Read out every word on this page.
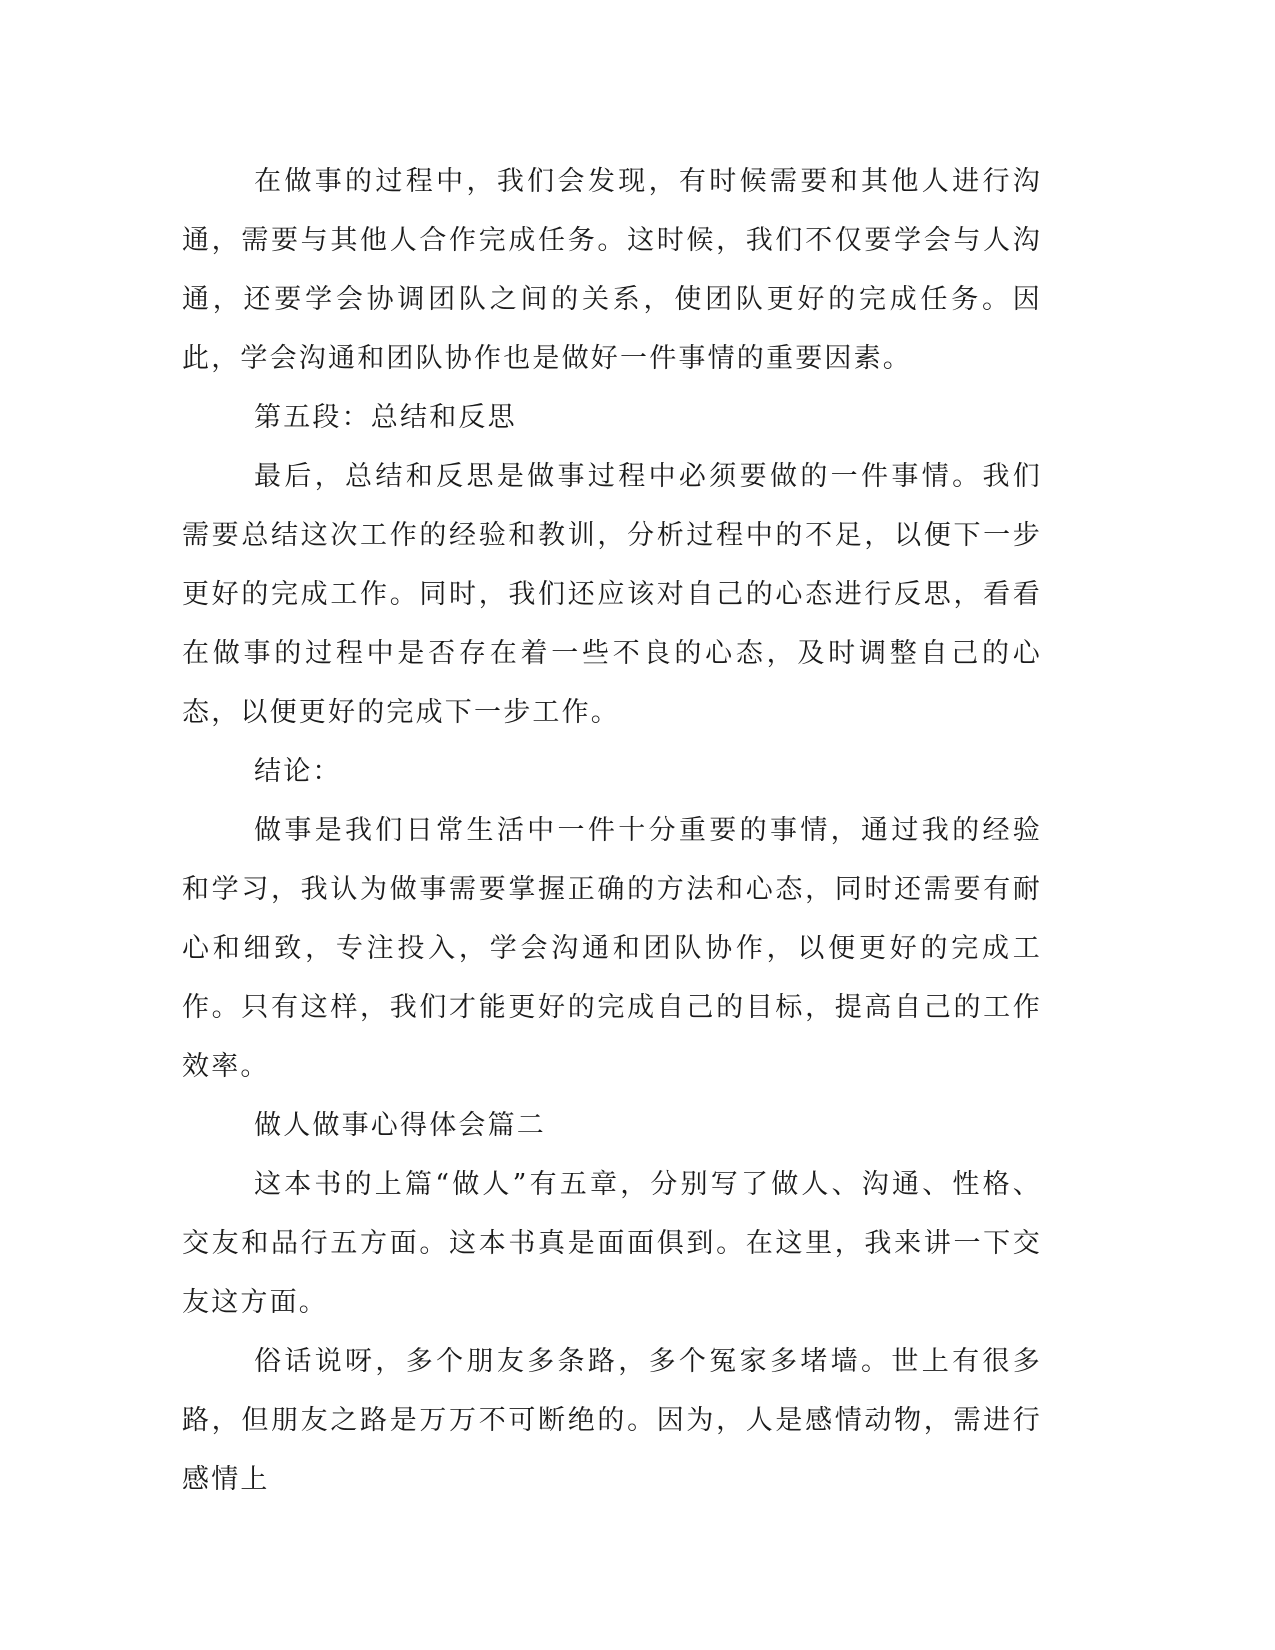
在做事的过程中，我们会发现，有时候需要和其他人进行沟通，需要与其他人合作完成任务。这时候，我们不仅要学会与人沟通，还要学会协调团队之间的关系，使团队更好的完成任务。因此，学会沟通和团队协作也是做好一件事情的重要因素。

第五段：总结和反思

最后，总结和反思是做事过程中必须要做的一件事情。我们需要总结这次工作的经验和教训，分析过程中的不足，以便下一步更好的完成工作。同时，我们还应该对自己的心态进行反思，看看在做事的过程中是否存在着一些不良的心态，及时调整自己的心态，以便更好的完成下一步工作。

结论：

做事是我们日常生活中一件十分重要的事情，通过我的经验和学习，我认为做事需要掌握正确的方法和心态，同时还需要有耐心和细致，专注投入，学会沟通和团队协作，以便更好的完成工作。只有这样，我们才能更好的完成自己的目标，提高自己的工作效率。

做人做事心得体会篇二

这本书的上篇“做人”有五章，分别写了做人、沟通、性格、交友和品行五方面。这本书真是面面俱到。在这里，我来讲一下交友这方面。

俗话说呀，多个朋友多条路，多个冤家多堵墙。世上有很多路，但朋友之路是万万不可断绝的。因为，人是感情动物，需进行感情上
